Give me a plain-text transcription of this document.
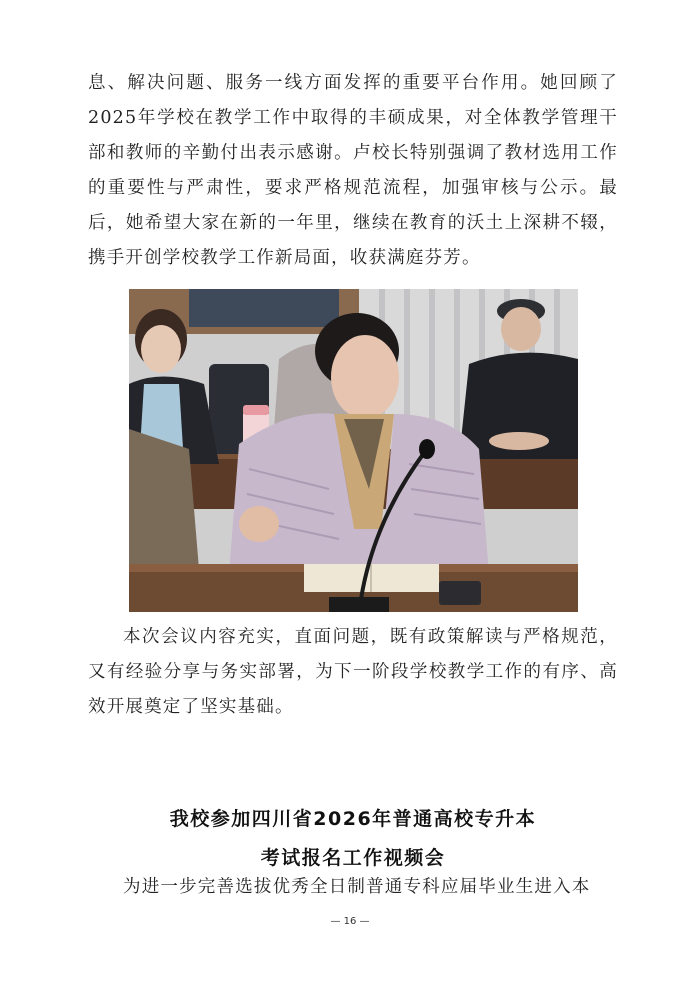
息、解决问题、服务一线方面发挥的重要平台作用。她回顾了2025年学校在教学工作中取得的丰硕成果，对全体教学管理干部和教师的辛勤付出表示感谢。卢校长特别强调了教材选用工作的重要性与严肃性，要求严格规范流程，加强审核与公示。最后，她希望大家在新的一年里，继续在教育的沃土上深耕不辍， 携手开创学校教学工作新局面，收获满庭芬芳。

本次会议内容充实，直面问题，既有政策解读与严格规范，又有经验分享与务实部署，为下一阶段学校教学工作的有序、高效开展奠定了坚实基础。

我校参加四川省2026年普通高校专升本
考试报名工作视频会

为进一步完善选拔优秀全日制普通专科应届毕业生进入本

— 16 —
